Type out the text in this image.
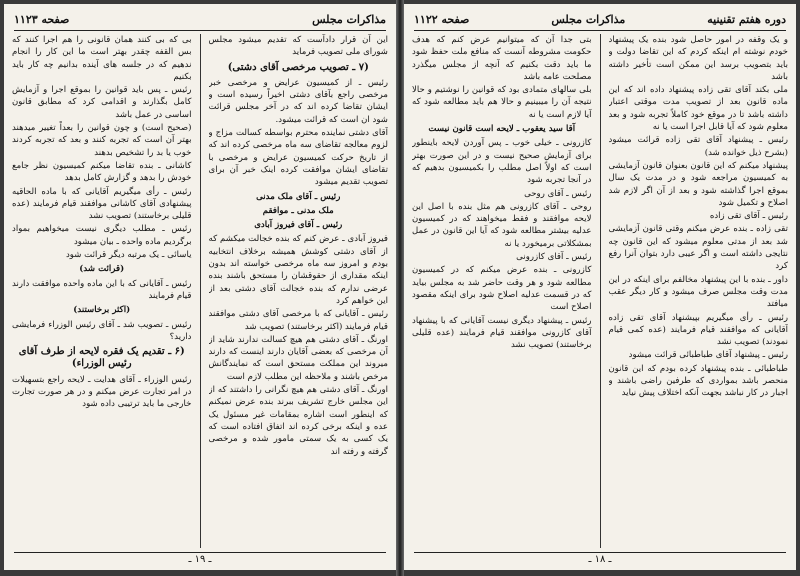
مذاکرات مجلس
صفحه ۱۱۲۳

این آن قرار دادآست که تقدیم میشود مجلس شورای ملی تصویب فرماید

(۷ ـ تصویب مرخصی آقای دشتی)

رئیس ـ از کمیسیون عرایض و مرخصی خبر مرخصی راجع بآقای دشتی اخیراً رسیده است و ایشان تقاضا کرده اند که در آخر مجلس قرائت شود ان است که قرائت میشود.

آقای دشتی نماینده محترم بواسطه کسالت مزاج و لزوم معالجه تقاضای سه ماه مرخصی کرده اند که از تاریخ حرکت کمیسیون عرایض و مرخصی با تقاضای ایشان موافقت کرده اینک خبر آن برای تصویب تقدیم میشود

رئیس ـ آقای ملک مدنی

ملک مدنی ـ موافقم

رئیس ـ آقای فیروز آبادی

فیروز آبادی ـ عرض کنم که بنده خجالت میکشم که از آقای دشتی کوشش همیشه برخلاف انتخابیه بودم و امروز سه ماه مرخصی خواسته اند بدون اینکه مقداری از حقوقشان را مستحق باشند بنده عرضی ندارم که بنده خجالت آقای دشتی بعد از این خواهم کرد

رئیس ـ آقایانی که با مرخصی آقای دشتی موافقند قیام فرمایند (اکثر برخاستند) تصویب شد

اورنگ ـ آقای دشتی هم هیچ کسالت ندارند شاید از آن مرخصی که بعضی آقایان دارند اینست که دارند میروند این مملکت مستحق است که نمایندگانش مرخص باشند و ملاحظه این مطلب لازم است

اورنگ ـ آقای دشتی هم هیچ نگرانی را داشتند که از این مجلس خارج تشریف ببرند بنده عرض نمیکنم که اینطور است اشاره بمقامات غیر مسئول یک عده و اینکه برخی کرده اند اتفاق افتاده است که یک کسی به یک سمتی مامور شده و مرخصی گرفته و رفته اند

بی که بی کنند همان قانونی را هم اجرا کنند که بس القفه چقدر بهتر است ما این کار را انجام ندهیم که در جلسه های آینده بدانیم چه کار باید بکنیم

رئیس ـ پس باید قوانین را بموقع اجرا و آزمایش کامل بگذارند و اقدامی کرد که مطابق قانون اساسی در عمل باشد

(صحیح است) و چون قوانین را بعداً تغییر میدهند بهتر آن است که تجربه کنند و بعد که تجربه کردند خوب یا بد را تشخیص بدهند

کاشانی ـ بنده تقاضا میکنم کمیسیون نظر جامع خودش را بدهد و گزارش کامل بدهد

رئیس ـ رأی میگیریم آقایانی که با ماده الحاقیه پیشنهادی آقای کاشانی موافقند قیام فرمایند (عده قلیلی برخاستند) تصویب نشد

رئیس ـ مطلب دیگری نیست میخواهیم بمواد برگردیم ماده واحده ـ بیان میشود

یاسائی ـ یک مرتبه دیگر قرائت شود

(قرائت شد)

رئیس ـ آقایانی که با این ماده واحده موافقت دارند قیام فرمایند

(اکثر برخاستند)

رئیس ـ تصویب شد ـ آقای رئیس الوزراء فرمایشی دارید؟

(۶ ـ تقدیم یک فقره لایحه از طرف آقای رئیس الوزراء)

رئیس الوزراء ـ آقای هدایت ـ لایحه راجع بتسهیلات در امر تجارت عرض میکنم و در هر صورت تجارت خارجی ما باید ترتیبی داده شود

ـ ۱۹ ـ
دوره هفتم تقنینیه
مذاکرات مجلس
صفحه ۱۱۲۲

و یک وقفه در امور حاصل شود بنده یک پیشنهاد خودم نوشته ام اینکه کردم که این تقاضا دولت و باید بتصویب برسد این ممکن است تأخیر داشته باشد

ملی بکند آقای تقی زاده پیشنهاد داده اند که این ماده قانون بعد از تصویب مدت موقتی اعتبار داشته باشد تا در موقع خود کاملاً تجربه شود و بعد معلوم شود که آیا قابل اجرا است یا نه

رئیس ـ پیشنهاد آقای تقی زاده قرائت میشود (بشرح ذیل خوانده شد)

پیشنهاد میکنم که این قانون بعنوان قانون آزمایشی به کمیسیون مراجعه شود و در مدت یک سال بموقع اجرا گذاشته شود و بعد از آن اگر لازم شد اصلاح و تکمیل شود

رئیس ـ آقای تقی زاده

تقی زاده ـ بنده عرض میکنم وقتی قانون آزمایشی شد بعد از مدتی معلوم میشود که این قانون چه نتایجی داشته است و اگر عیبی دارد بتوان آنرا رفع کرد

داور ـ بنده با این پیشنهاد مخالفم برای اینکه در این مدت وقت مجلس صرف میشود و کار دیگر عقب میافتد

رئیس ـ رأی میگیریم بپیشنهاد آقای تقی زاده آقایانی که موافقند قیام فرمایند (عده کمی قیام نمودند) تصویب نشد

رئیس ـ پیشنهاد آقای طباطبائی قرائت میشود

طباطبائی ـ بنده پیشنهاد کرده بودم که این قانون منحصر باشد بمواردی که طرفین راضی باشند و اجبار در کار نباشد بجهت آنکه اختلاف پیش نیاید

بتی جدا آن که میتوانیم عرض کنم که هدف حکومت مشروطه آنست که منافع ملت حفظ شود ما باید دقت بکنیم که آنچه از مجلس میگذرد مصلحت عامه باشد

بلی سالهای متمادی بود که قوانین را نوشتیم و حالا نتیجه آن را میبینیم و حالا هم باید مطالعه شود که آیا لازم است یا نه

آقا سید یعقوب ـ لایحه است قانون نیست

کازرونی ـ خیلی خوب ـ پس آوردن لایحه باینطور برای آزمایش صحیح نیست و در این صورت بهتر است که اولاً اصل مطلب را بکمیسیون بدهیم که در آنجا تجربه شود

رئیس ـ آقای روحی

روحی ـ آقای کازرونی هم مثل بنده با اصل این لایحه موافقند و فقط میخواهند که در کمیسیون عدلیه بیشتر مطالعه شود که آیا این قانون در عمل بمشکلاتی برمیخورد یا نه

رئیس ـ آقای کازرونی

کازرونی ـ بنده عرض میکنم که در کمیسیون مطالعه شود و هر وقت حاضر شد به مجلس بیاید که در قسمت عدلیه اصلاح شود برای اینکه مقصود اصلاح است

رئیس ـ پیشنهاد دیگری نیست آقایانی که با پیشنهاد آقای کازرونی موافقند قیام فرمایند (عده قلیلی برخاستند) تصویب نشد

ـ ۱۸ ـ
